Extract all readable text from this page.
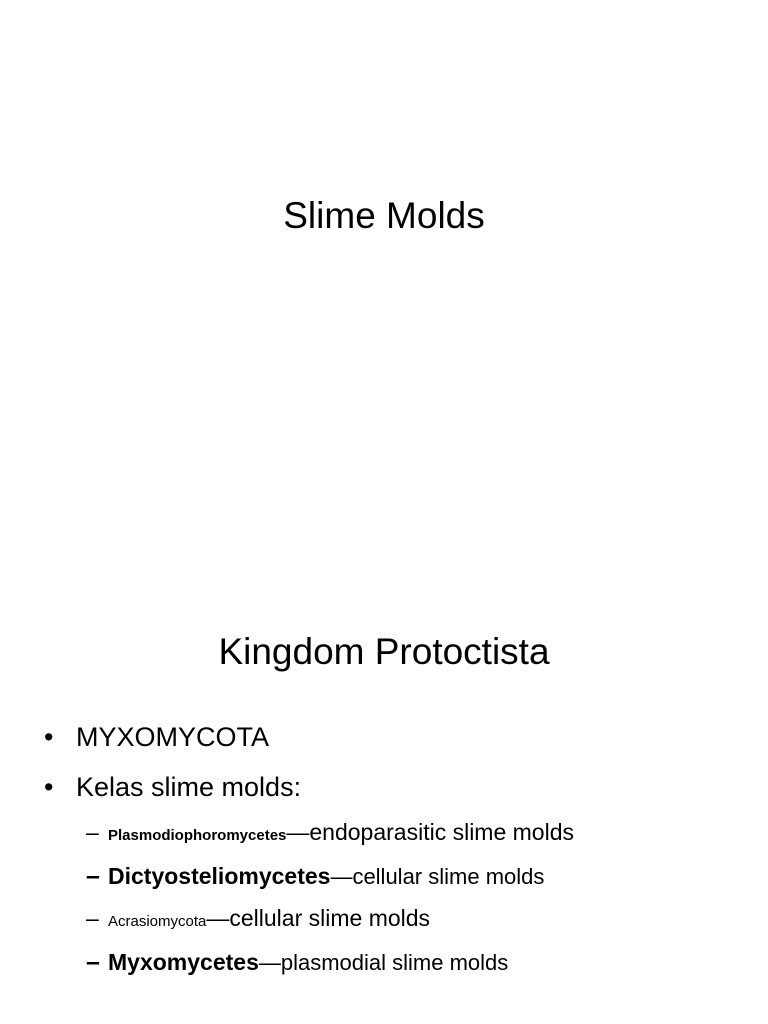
Slime Molds
Kingdom Protoctista
• MYXOMYCOTA
• Kelas slime molds:
– Plasmodiophoromycetes—endoparasitic slime molds
– Dictyosteliomycetes—cellular slime molds
– Acrasiomycota—cellular slime molds
– Myxomycetes—plasmodial slime molds
